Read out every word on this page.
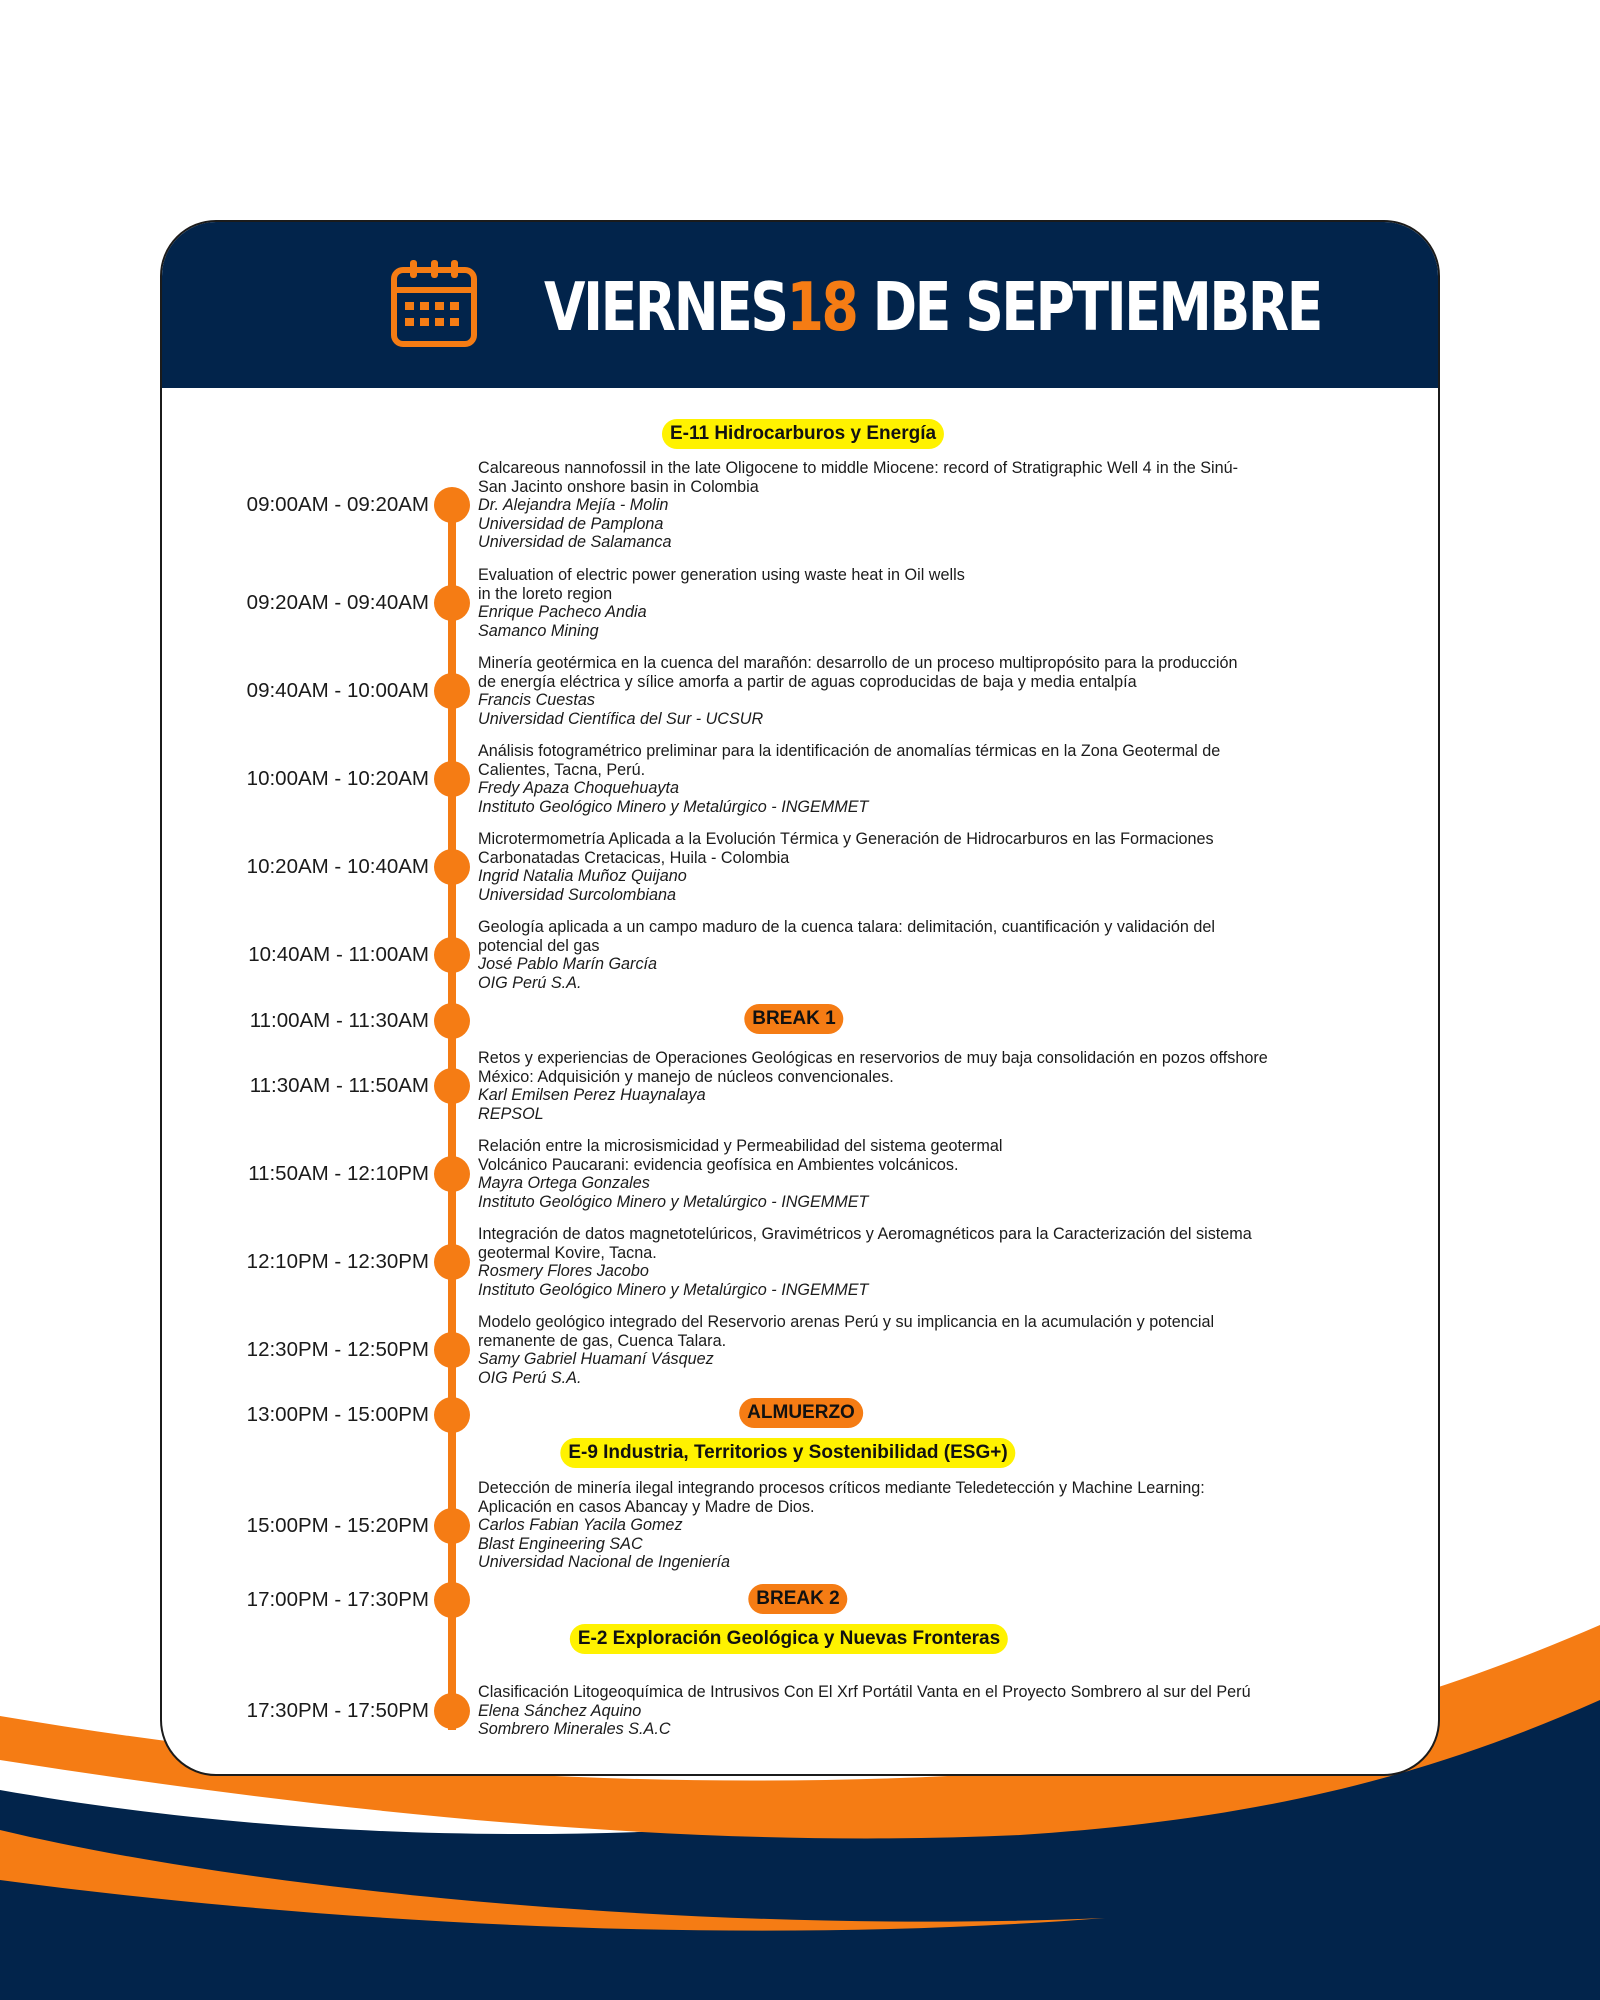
VIERNES18 DE SEPTIEMBRE
E-11 Hidrocarburos y Energía
BREAK 1
ALMUERZO
E-9 Industria, Territorios y Sostenibilidad (ESG+)
BREAK 2
E-2 Exploración Geológica y Nuevas Fronteras
09:00AM - 09:20AM
09:20AM - 09:40AM
09:40AM - 10:00AM
10:00AM - 10:20AM
10:20AM - 10:40AM
10:40AM - 11:00AM
11:00AM - 11:30AM
11:30AM - 11:50AM
11:50AM - 12:10PM
12:10PM - 12:30PM
12:30PM - 12:50PM
13:00PM - 15:00PM
15:00PM - 15:20PM
17:00PM - 17:30PM
17:30PM - 17:50PM
Calcareous nannofossil in the late Oligocene to middle Miocene: record of Stratigraphic Well 4 in the Sinú-
San Jacinto onshore basin in Colombia
Dr. Alejandra Mejía - Molin
Universidad de Pamplona
Universidad de Salamanca
Evaluation of electric power generation using waste heat in Oil wells
in the loreto region
Enrique Pacheco Andia
Samanco Mining
Minería geotérmica en la cuenca del marañón: desarrollo de un proceso multipropósito para la producción
de energía eléctrica y sílice amorfa a partir de aguas coproducidas de baja y media entalpía
Francis Cuestas
Universidad Científica del Sur - UCSUR
Análisis fotogramétrico preliminar para la identificación de anomalías térmicas en la Zona Geotermal de
Calientes, Tacna, Perú.
Fredy Apaza Choquehuayta
Instituto Geológico Minero y Metalúrgico - INGEMMET
Microtermometría Aplicada a la Evolución Térmica y Generación de Hidrocarburos en las Formaciones
Carbonatadas Cretacicas, Huila - Colombia
Ingrid Natalia Muñoz Quijano
Universidad Surcolombiana
Geología aplicada a un campo maduro de la cuenca talara: delimitación, cuantificación y validación del
potencial del gas
José Pablo Marín García
OIG Perú S.A.
Retos y experiencias de Operaciones Geológicas en reservorios de muy baja consolidación en pozos offshore
México: Adquisición y manejo de núcleos convencionales.
Karl Emilsen Perez Huaynalaya
REPSOL
Relación entre la microsismicidad y Permeabilidad del sistema geotermal
Volcánico Paucarani: evidencia geofísica en Ambientes volcánicos.
Mayra Ortega Gonzales
Instituto Geológico Minero y Metalúrgico - INGEMMET
Integración de datos magnetotelúricos, Gravimétricos y Aeromagnéticos para la Caracterización del sistema
geotermal Kovire, Tacna.
Rosmery Flores Jacobo
Instituto Geológico Minero y Metalúrgico - INGEMMET
Modelo geológico integrado del Reservorio arenas Perú y su implicancia en la acumulación y potencial
remanente de gas, Cuenca Talara.
Samy Gabriel Huamaní Vásquez
OIG Perú S.A.
Detección de minería ilegal integrando procesos críticos mediante Teledetección y Machine Learning:
Aplicación en casos Abancay y Madre de Dios.
Carlos Fabian Yacila Gomez
Blast Engineering SAC
Universidad Nacional de Ingeniería
Clasificación Litogeoquímica de Intrusivos Con El Xrf Portátil Vanta en el Proyecto Sombrero al sur del Perú
Elena Sánchez Aquino
Sombrero Minerales S.A.C
